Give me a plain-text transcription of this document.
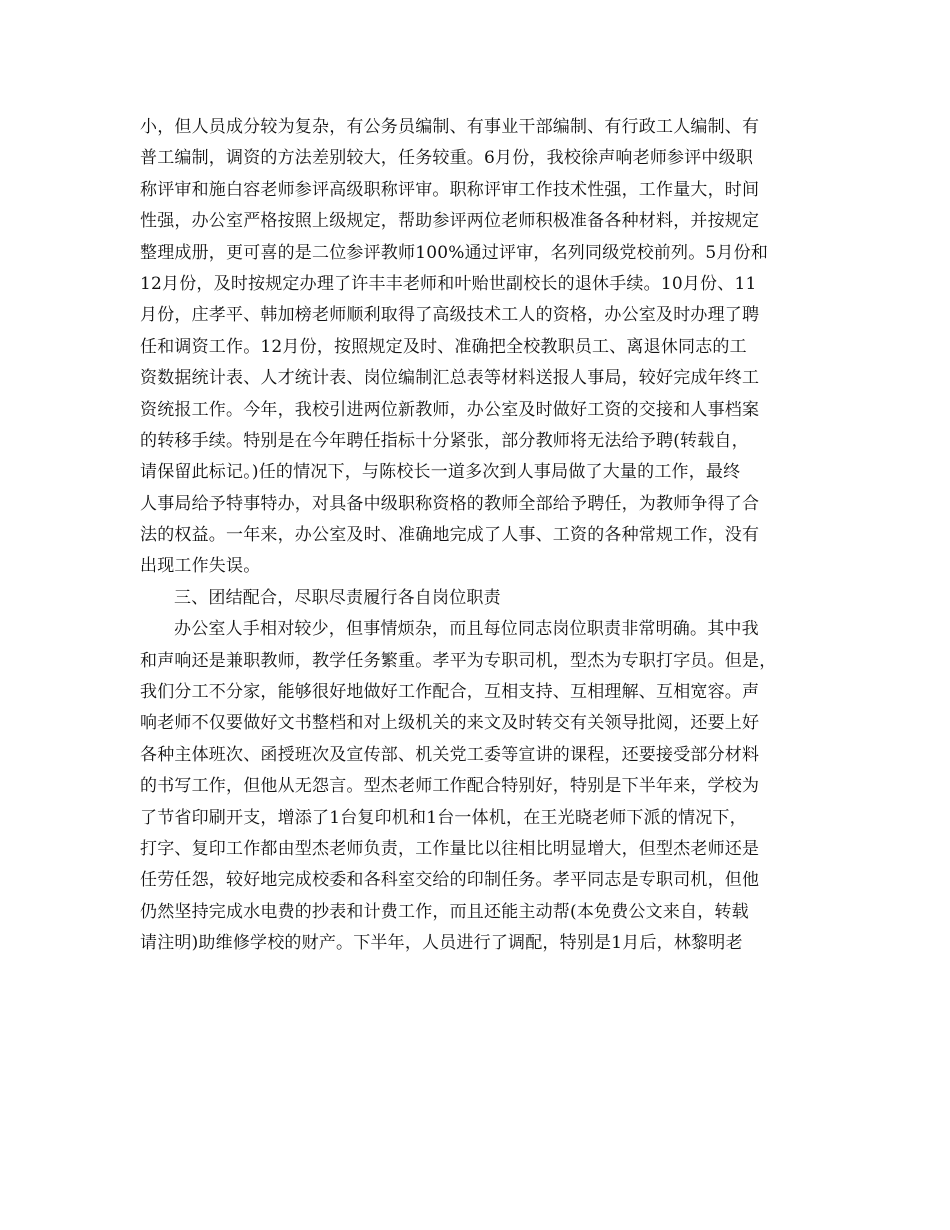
小，但人员成分较为复杂，有公务员编制、有事业干部编制、有行政工人编制、有
普工编制，调资的方法差别较大，任务较重。6月份，我校徐声响老师参评中级职
称评审和施白容老师参评高级职称评审。职称评审工作技术性强，工作量大，时间
性强，办公室严格按照上级规定，帮助参评两位老师积极准备各种材料，并按规定
整理成册，更可喜的是二位参评教师100%通过评审，名列同级党校前列。5月份和
12月份，及时按规定办理了许丰丰老师和叶贻世副校长的退休手续。10月份、11
月份，庄孝平、韩加榜老师顺利取得了高级技术工人的资格，办公室及时办理了聘
任和调资工作。12月份，按照规定及时、准确把全校教职员工、离退休同志的工
资数据统计表、人才统计表、岗位编制汇总表等材料送报人事局，较好完成年终工
资统报工作。今年，我校引进两位新教师，办公室及时做好工资的交接和人事档案
的转移手续。特别是在今年聘任指标十分紧张，部分教师将无法给予聘(转载自，
请保留此标记。)任的情况下，与陈校长一道多次到人事局做了大量的工作，最终
人事局给予特事特办，对具备中级职称资格的教师全部给予聘任，为教师争得了合
法的权益。一年来，办公室及时、准确地完成了人事、工资的各种常规工作，没有
出现工作失误。
三、团结配合，尽职尽责履行各自岗位职责
办公室人手相对较少，但事情烦杂，而且每位同志岗位职责非常明确。其中我
和声响还是兼职教师，教学任务繁重。孝平为专职司机，型杰为专职打字员。但是，
我们分工不分家，能够很好地做好工作配合，互相支持、互相理解、互相宽容。声
响老师不仅要做好文书整档和对上级机关的来文及时转交有关领导批阅，还要上好
各种主体班次、函授班次及宣传部、机关党工委等宣讲的课程，还要接受部分材料
的书写工作，但他从无怨言。型杰老师工作配合特别好，特别是下半年来，学校为
了节省印刷开支，增添了1台复印机和1台一体机，在王光晓老师下派的情况下，
打字、复印工作都由型杰老师负责，工作量比以往相比明显增大，但型杰老师还是
任劳任怨，较好地完成校委和各科室交给的印制任务。孝平同志是专职司机，但他
仍然坚持完成水电费的抄表和计费工作，而且还能主动帮(本免费公文来自，转载
请注明)助维修学校的财产。下半年，人员进行了调配，特别是1月后，林黎明老
